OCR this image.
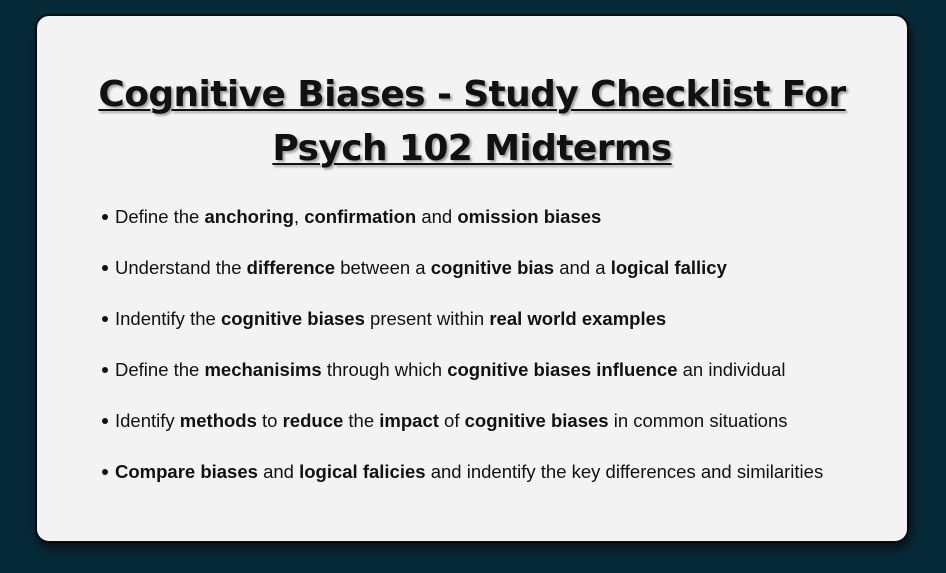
Cognitive Biases - Study Checklist For
Psych 102 Midterms
Define the anchoring, confirmation and omission biases
Understand the difference between a cognitive bias and a logical fallicy
Indentify the cognitive biases present within real world examples
Define the mechanisims through which cognitive biases influence an individual
Identify methods to reduce the impact of cognitive biases in common situations
Compare biases and logical falicies and indentify the key differences and similarities
